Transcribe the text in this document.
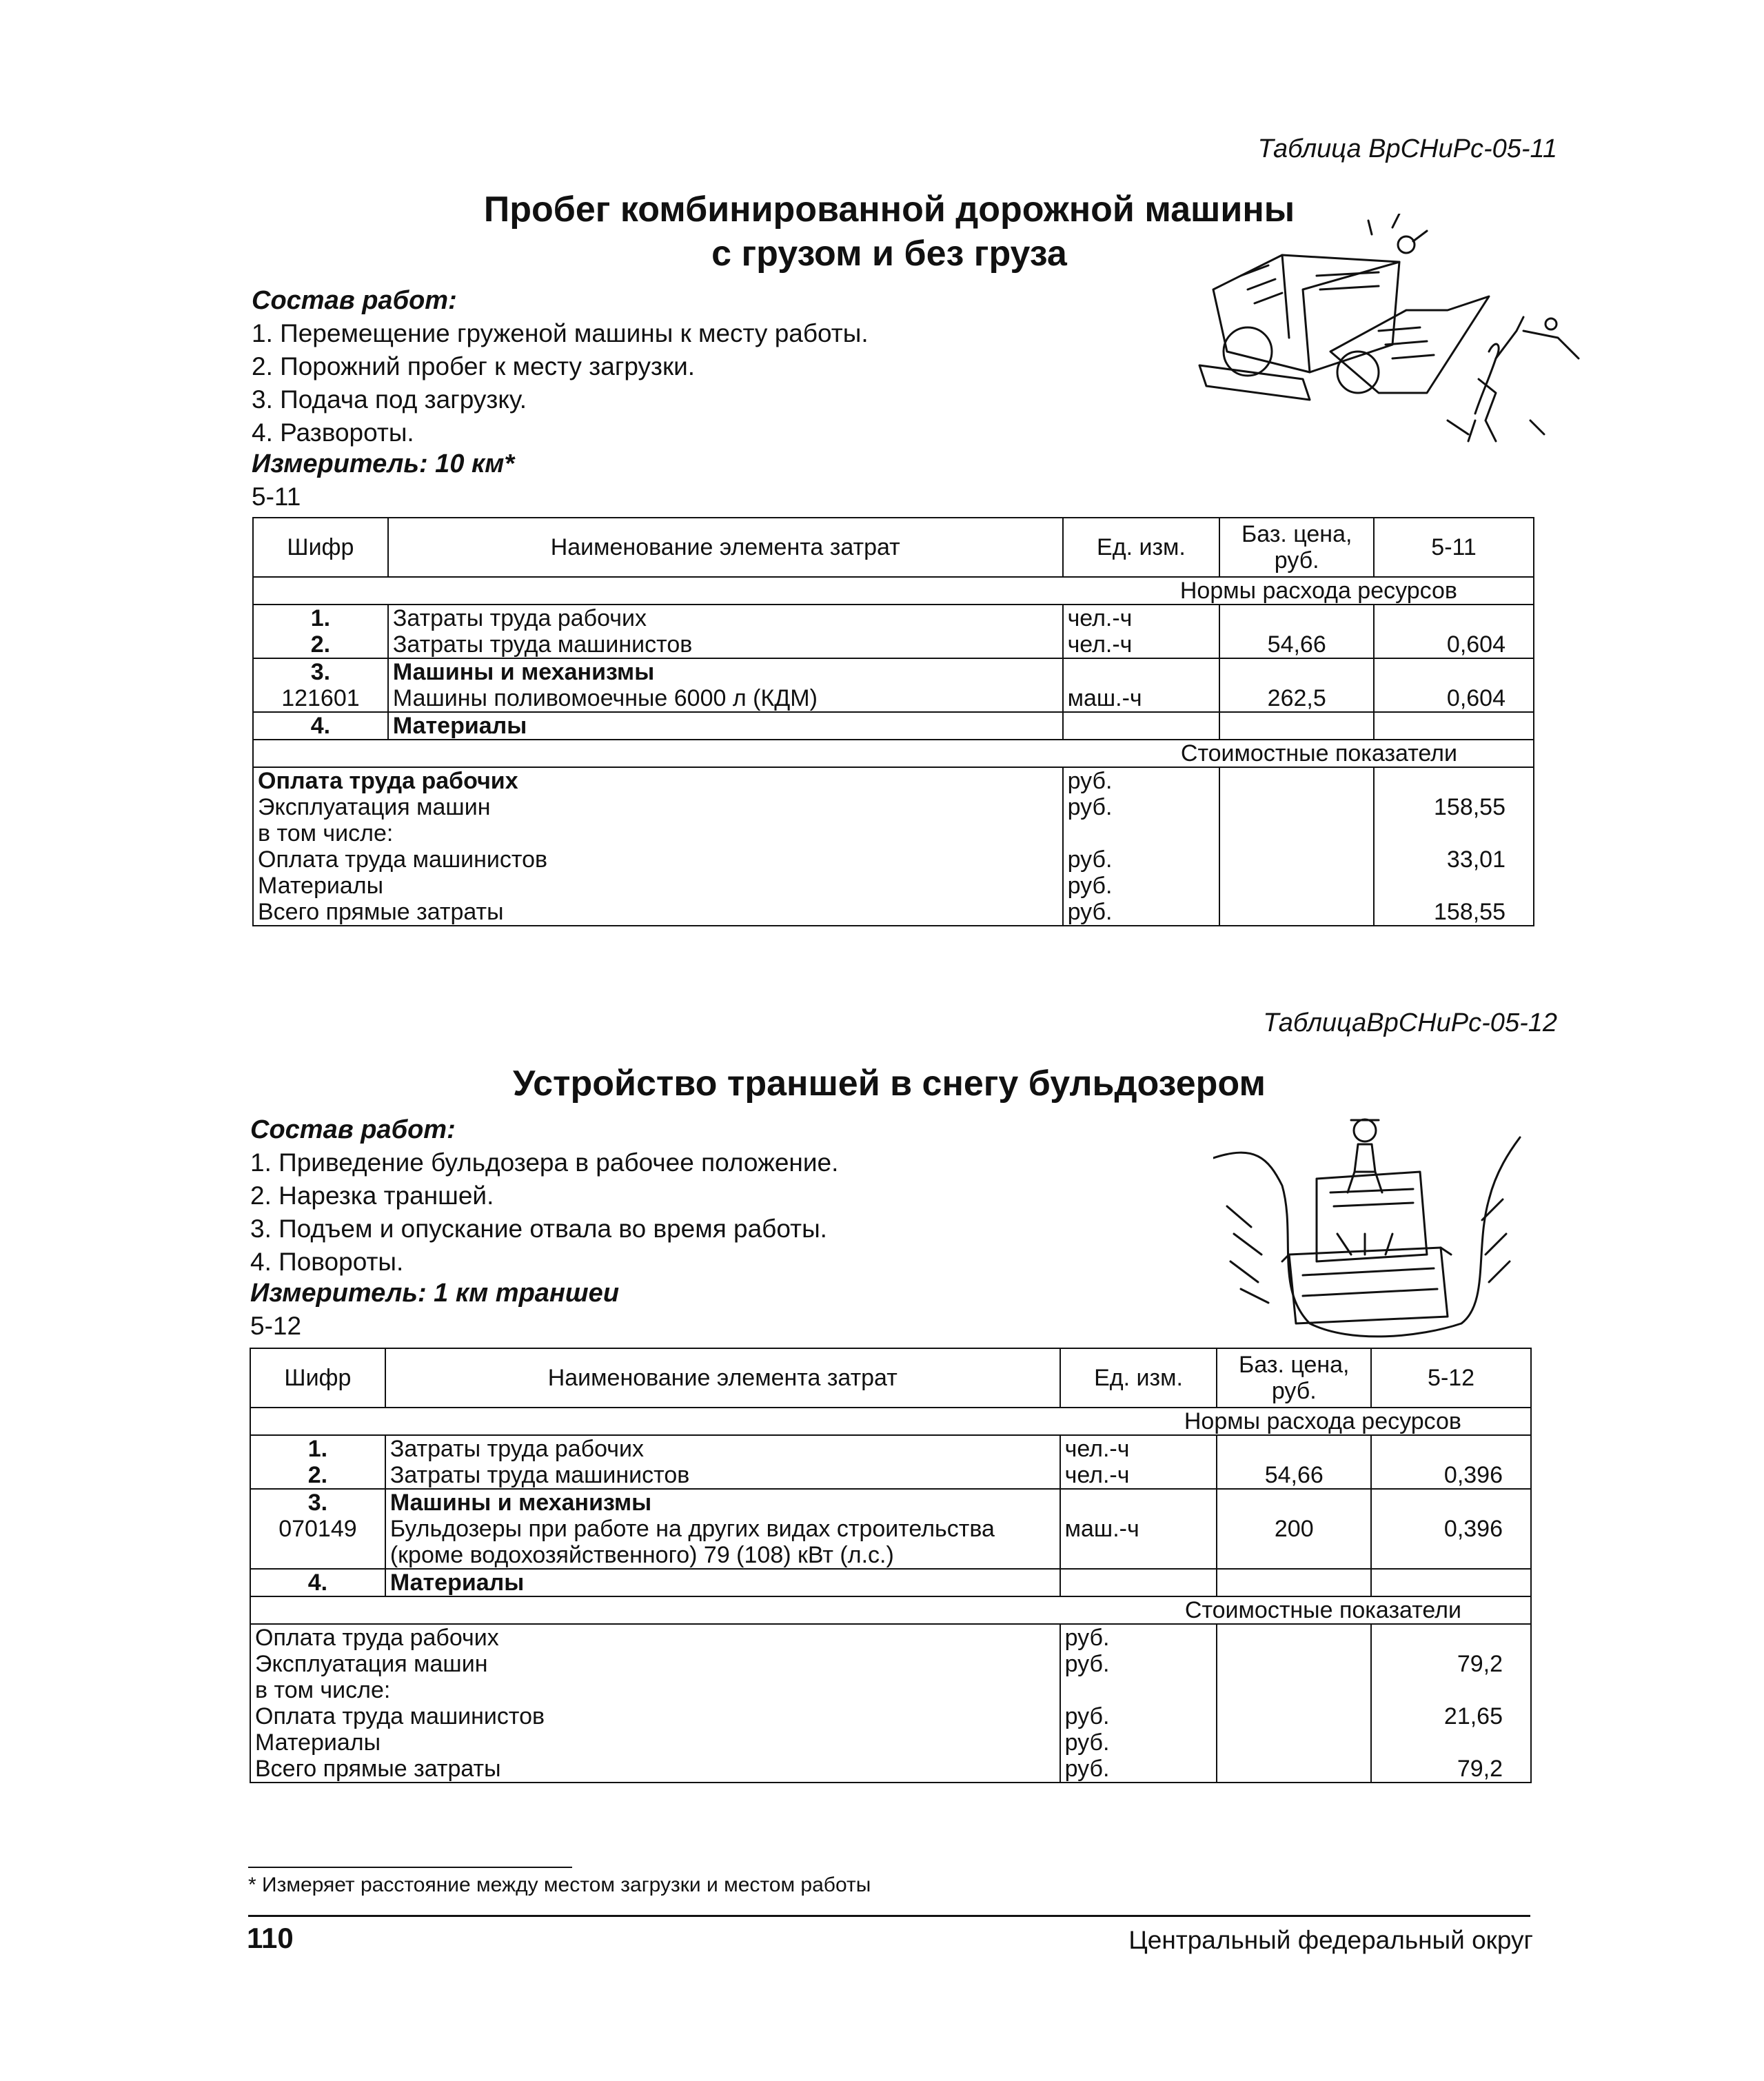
Таблица ВрСНиРс-05-11
Пробег комбинированной дорожной машины
с грузом и без груза
Состав работ:
1. Перемещение груженой машины к месту работы.
2. Порожний пробег к месту загрузки.
3. Подача под загрузку.
4. Развороты.
Измеритель: 10 км*
5-11
Шифр	Наименование элемента затрат	Ед. изм.	Баз. цена, руб.	5-11
Нормы расхода ресурсов				
1.	Затраты труда рабочих	чел.-ч		
2.	Затраты труда машинистов	чел.-ч	54,66	0,604
3.	Машины и механизмы			
121601	Машины поливомоечные 6000 л (КДМ)	маш.-ч	262,5	0,604
4.	Материалы			
Стоимостные показатели				
Оплата труда рабочих		руб.		
Эксплуатация машин		руб.		158,55
в том числе:				
Оплата труда машинистов		руб.		33,01
Материалы		руб.		
Всего прямые затраты		руб.		158,55
ТаблицаВрСНиРс-05-12
Устройство траншей в снегу бульдозером
Состав работ:
1. Приведение бульдозера в рабочее положение.
2. Нарезка траншей.
3. Подъем и опускание отвала во время работы.
4. Повороты.
Измеритель: 1 км траншеи
5-12
Шифр	Наименование элемента затрат	Ед. изм.	Баз. цена, руб.	5-12
Нормы расхода ресурсов				
1.	Затраты труда рабочих	чел.-ч		
2.	Затраты труда машинистов	чел.-ч	54,66	0,396
3.	Машины и механизмы			
070149	Бульдозеры при работе на других видах строительства
(кроме водохозяйственного) 79 (108) кВт (л.с.)	маш.-ч	200	0,396
4.	Материалы			
Стоимостные показатели				
Оплата труда рабочих		руб.		
Эксплуатация машин		руб.		79,2
в том числе:				
Оплата труда машинистов		руб.		21,65
Материалы		руб.		
Всего прямые затраты		руб.		79,2
* Измеряет расстояние между местом загрузки и местом работы
110	Центральный федеральный округ
